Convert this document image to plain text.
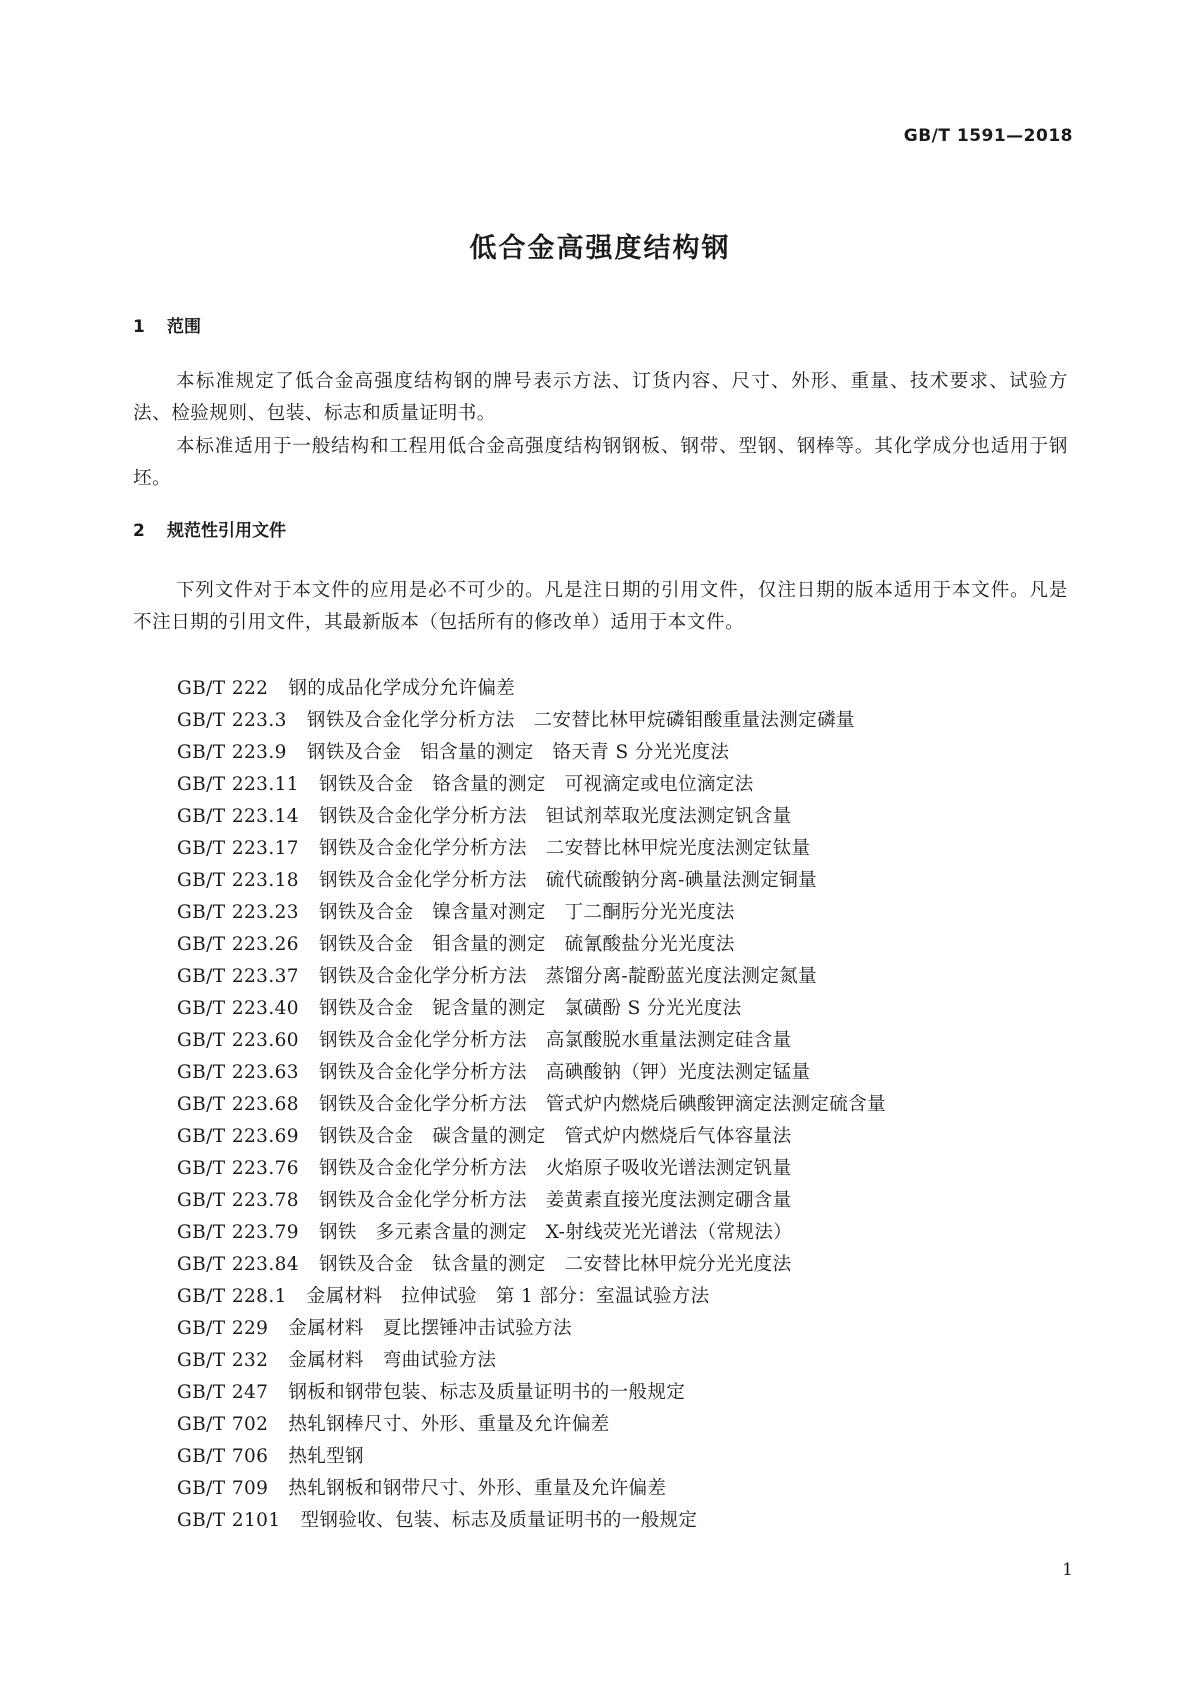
GB/T 1591—2018
低合金高强度结构钢
1 范围

本标准规定了低合金高强度结构钢的牌号表示方法、订货内容、尺寸、外形、重量、技术要求、试验方法、检验规则、包装、标志和质量证明书。

本标准适用于一般结构和工程用低合金高强度结构钢钢板、钢带、型钢、钢棒等。其化学成分也适用于钢坯。

2 规范性引用文件

下列文件对于本文件的应用是必不可少的。凡是注日期的引用文件，仅注日期的版本适用于本文件。凡是不注日期的引用文件，其最新版本（包括所有的修改单）适用于本文件。

GB/T 222 钢的成品化学成分允许偏差
GB/T 223.3 钢铁及合金化学分析方法　二安替比林甲烷磷钼酸重量法测定磷量
GB/T 223.9 钢铁及合金　铝含量的测定　铬天青 S 分光光度法
GB/T 223.11 钢铁及合金　铬含量的测定　可视滴定或电位滴定法
GB/T 223.14 钢铁及合金化学分析方法　钽试剂萃取光度法测定钒含量
GB/T 223.17 钢铁及合金化学分析方法　二安替比林甲烷光度法测定钛量
GB/T 223.18 钢铁及合金化学分析方法　硫代硫酸钠分离-碘量法测定铜量
GB/T 223.23 钢铁及合金　镍含量对测定　丁二酮肟分光光度法
GB/T 223.26 钢铁及合金　钼含量的测定　硫氰酸盐分光光度法
GB/T 223.37 钢铁及合金化学分析方法　蒸馏分离-靛酚蓝光度法测定氮量
GB/T 223.40 钢铁及合金　铌含量的测定　氯磺酚 S 分光光度法
GB/T 223.60 钢铁及合金化学分析方法　高氯酸脱水重量法测定硅含量
GB/T 223.63 钢铁及合金化学分析方法　高碘酸钠（钾）光度法测定锰量
GB/T 223.68 钢铁及合金化学分析方法　管式炉内燃烧后碘酸钾滴定法测定硫含量
GB/T 223.69 钢铁及合金　碳含量的测定　管式炉内燃烧后气体容量法
GB/T 223.76 钢铁及合金化学分析方法　火焰原子吸收光谱法测定钒量
GB/T 223.78 钢铁及合金化学分析方法　姜黄素直接光度法测定硼含量
GB/T 223.79 钢铁　多元素含量的测定　X-射线荧光光谱法（常规法）
GB/T 223.84 钢铁及合金　钛含量的测定　二安替比林甲烷分光光度法
GB/T 228.1 金属材料　拉伸试验　第 1 部分：室温试验方法
GB/T 229 金属材料　夏比摆锤冲击试验方法
GB/T 232 金属材料　弯曲试验方法
GB/T 247 钢板和钢带包装、标志及质量证明书的一般规定
GB/T 702 热轧钢棒尺寸、外形、重量及允许偏差
GB/T 706 热轧型钢
GB/T 709 热轧钢板和钢带尺寸、外形、重量及允许偏差
GB/T 2101 型钢验收、包装、标志及质量证明书的一般规定
1
